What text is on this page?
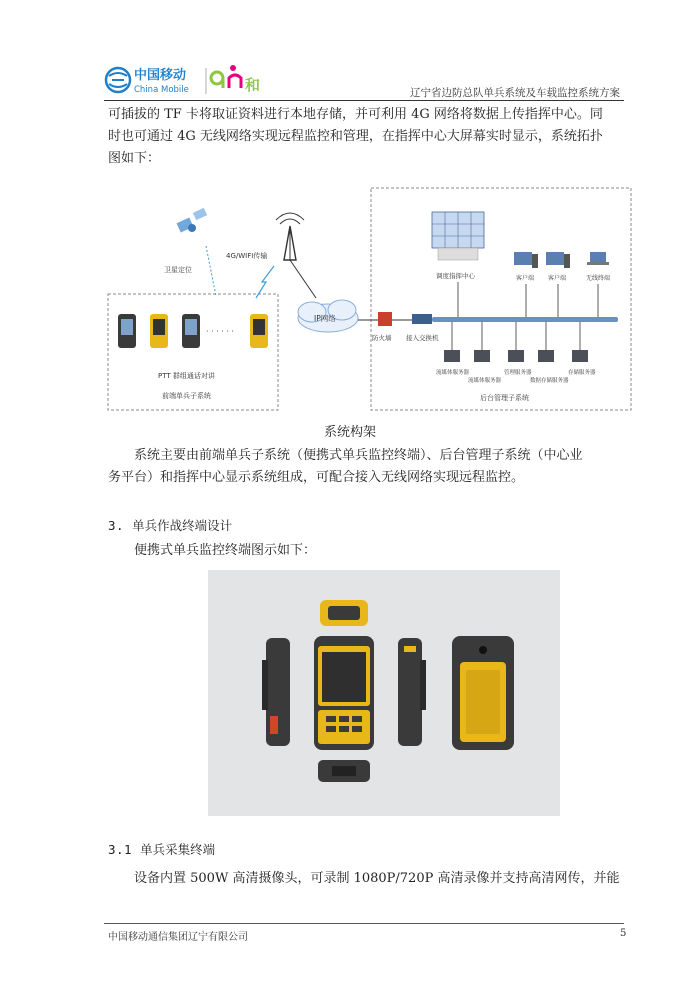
中国移动
China Mobile	和	辽宁省边防总队单兵系统及车载监控系统方案
可插拔的 TF 卡将取证资料进行本地存储，并可利用 4G 网络将数据上传指挥中心。同
时也可通过 4G 无线网络实现远程监控和管理，在指挥中心大屏幕实时显示，系统拓扑
图如下：
卫星定位
4G/WIFI传输
IP网络
防火墙 接入交换机
调度指挥中心	客户端 客户端	无线终端
流媒体服务器
流媒体服务器
管理服务器
数据存储服务器
存储服务器
后台管理子系统
· · · · · ·
PTT 群组通话对讲
前端单兵子系统
系统构架
系统主要由前端单兵子系统（便携式单兵监控终端）、后台管理子系统（中心业
务平台）和指挥中心显示系统组成，可配合接入无线网络实现远程监控。
3. 单兵作战终端设计
便携式单兵监控终端图示如下：
3.1 单兵采集终端
设备内置 500W 高清摄像头，可录制 1080P/720P 高清录像并支持高清网传，并能
中国移动通信集团辽宁有限公司	5
